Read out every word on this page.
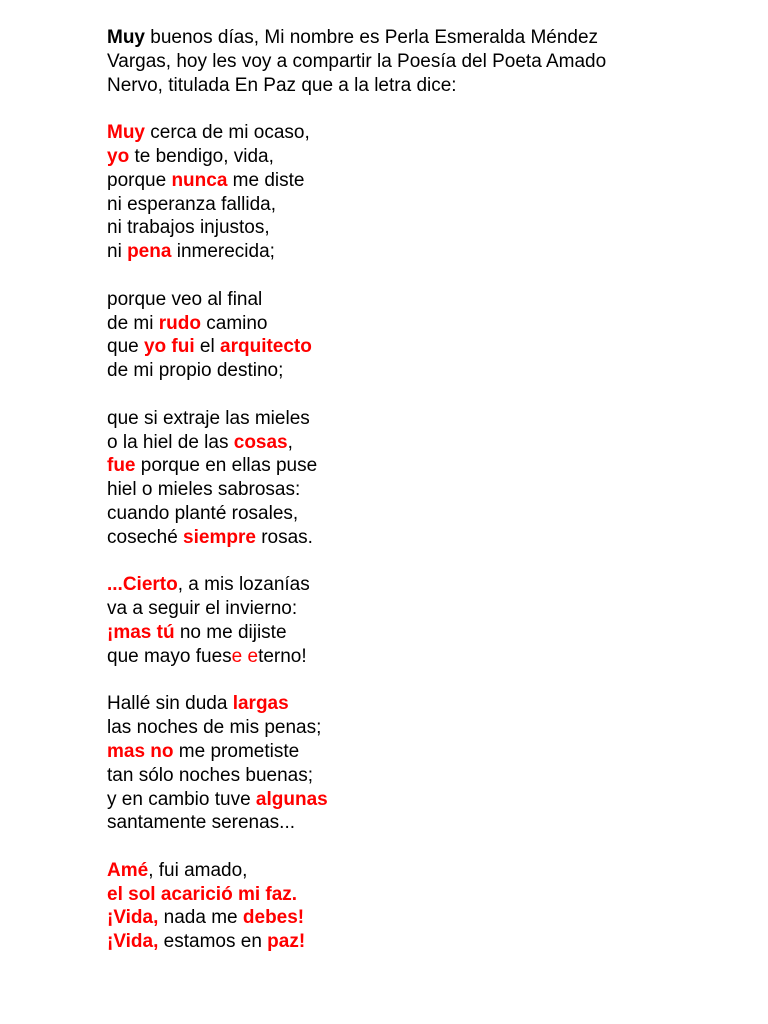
Muy buenos días, Mi nombre es Perla Esmeralda Méndez
Vargas, hoy les voy a compartir la Poesía del Poeta Amado
Nervo, titulada En Paz que a la letra dice:
Muy cerca de mi ocaso,
yo te bendigo, vida,
porque nunca me diste
ni esperanza fallida,
ni trabajos injustos,
ni pena inmerecida;
porque veo al final
de mi rudo camino
que yo fui el arquitecto
de mi propio destino;
que si extraje las mieles
o la hiel de las cosas,
fue porque en ellas puse
hiel o mieles sabrosas:
cuando planté rosales,
coseché siempre rosas.
...Cierto, a mis lozanías
va a seguir el invierno:
¡mas tú no me dijiste
que mayo fuese eterno!
Hallé sin duda largas
las noches de mis penas;
mas no me prometiste
tan sólo noches buenas;
y en cambio tuve algunas
santamente serenas...
Amé, fui amado,
el sol acarició mi faz.
¡Vida, nada me debes!
¡Vida, estamos en paz!
